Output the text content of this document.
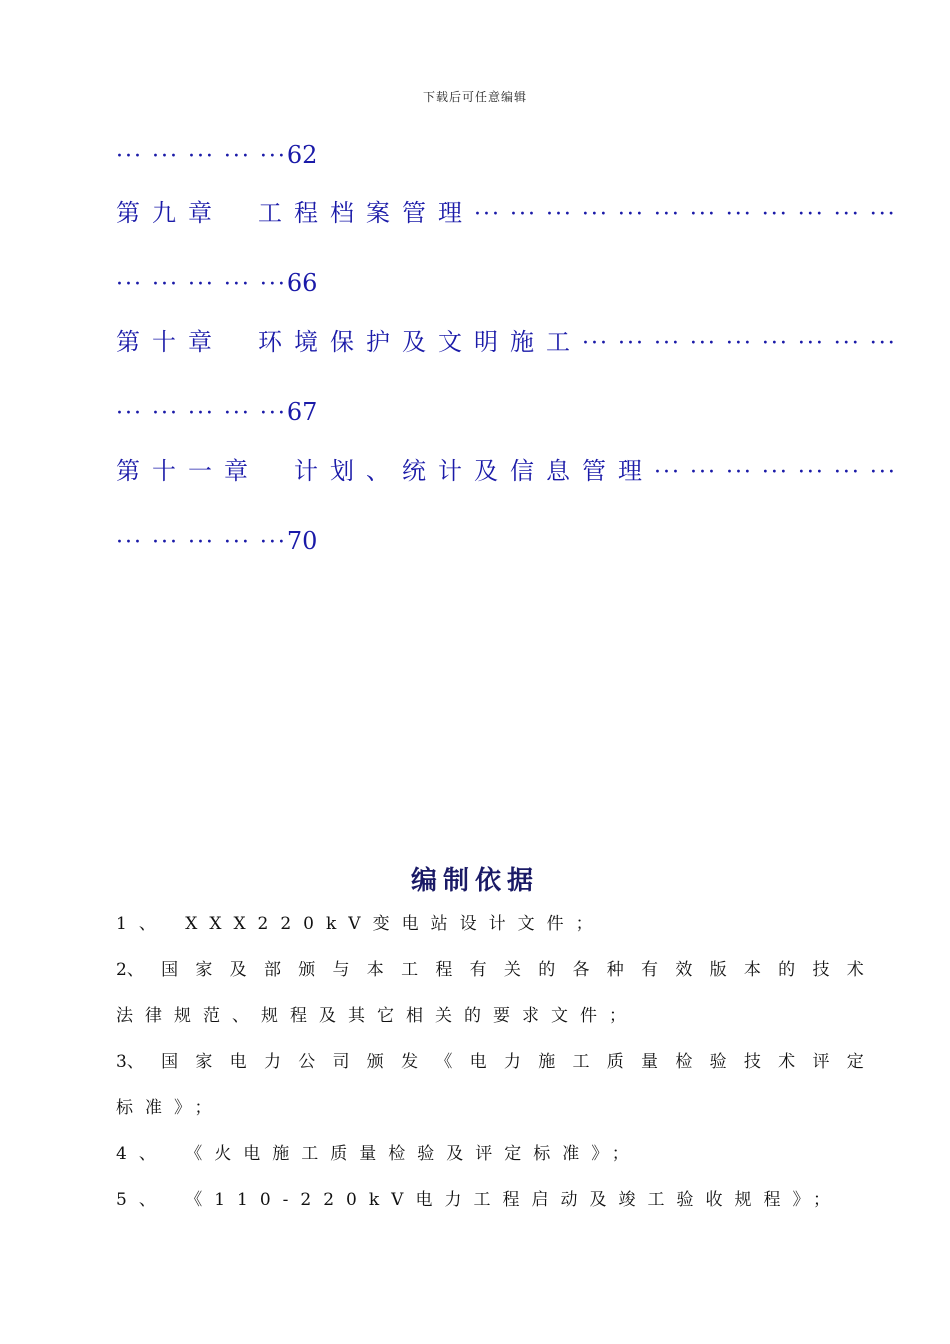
下载后可任意编辑
··· ··· ··· ··· ···62
第九章 工程档案管理··· ··· ··· ··· ··· ··· ··· ··· ··· ··· ··· ···
··· ··· ··· ··· ···66
第十章 环境保护及文明施工··· ··· ··· ··· ··· ··· ··· ··· ···
··· ··· ··· ··· ···67
第十一章 计划、统计及信息管理··· ··· ··· ··· ··· ··· ···
··· ··· ··· ··· ···70
编制依据
1、 XXX220kV变电站设计文件；
2、 国 家 及 部 颁 与 本 工 程 有 关 的 各 种 有 效 版 本 的 技 术
法律规范、规程及其它相关的要求文件；
3、 国 家 电 力 公 司 颁 发 《 电 力 施 工 质 量 检 验 技 术 评 定
标准》；
4、 《火电施工质量检验及评定标准》；
5、 《110-220kV电力工程启动及竣工验收规程》；
